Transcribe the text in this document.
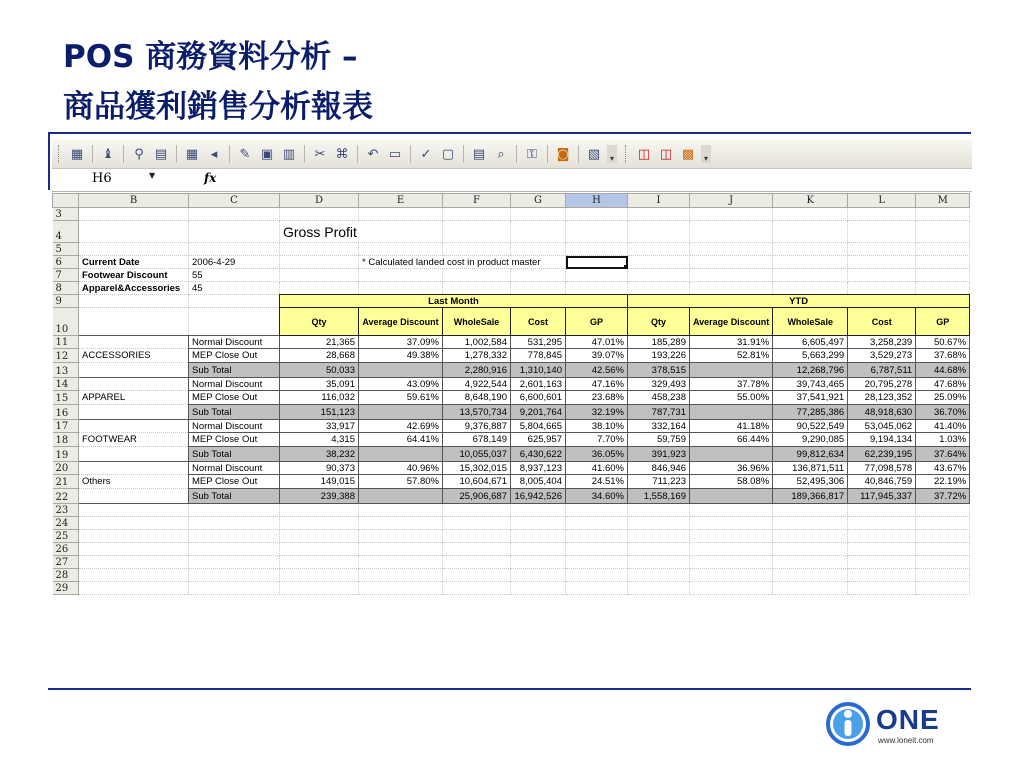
POS 商務資料分析 –
商品獲利銷售分析報表
▦	♝	⚲ ▤ ▦ ◂	✎ ▣ ▥	✂ ⌘	↶ ▭	✓ ▢ ▤ ⌕	⚿	◙ ▧	▾ ◫ ◫ ▩	▾
H6	▼	fx
	B	C	D	E	F	G	H	I	J	K	L	M
3												
4			Gross Profit									
5												
6	Current Date	2006-4-29		* Calculated landed cost in product master								
7	Footwear Discount	55										
8	Apparel&Accessories	45										
9			Last Month					YTD				
10			Qty	Average Discount	WholeSale	Cost	GP	Qty	Average Discount	WholeSale	Cost	GP
11		Normal Discount	21,365	37.09%	1,002,584	531,295	47.01%	185,289	31.91%	6,605,497	3,258,239	50.67%
12	ACCESSORIES	MEP Close Out	28,668	49.38%	1,278,332	778,845	39.07%	193,226	52.81%	5,663,299	3,529,273	37.68%
13		Sub Total	50,033		2,280,916	1,310,140	42.56%	378,515		12,268,796	6,787,511	44.68%
14		Normal Discount	35,091	43.09%	4,922,544	2,601,163	47.16%	329,493	37.78%	39,743,465	20,795,278	47.68%
15	APPAREL	MEP Close Out	116,032	59.61%	8,648,190	6,600,601	23.68%	458,238	55.00%	37,541,921	28,123,352	25.09%
16		Sub Total	151,123		13,570,734	9,201,764	32.19%	787,731		77,285,386	48,918,630	36.70%
17		Normal Discount	33,917	42.69%	9,376,887	5,804,665	38.10%	332,164	41.18%	90,522,549	53,045,062	41.40%
18	FOOTWEAR	MEP Close Out	4,315	64.41%	678,149	625,957	7.70%	59,759	66.44%	9,290,085	9,194,134	1.03%
19		Sub Total	38,232		10,055,037	6,430,622	36.05%	391,923		99,812,634	62,239,195	37.64%
20		Normal Discount	90,373	40.96%	15,302,015	8,937,123	41.60%	846,946	36.96%	136,871,511	77,098,578	43.67%
21	Others	MEP Close Out	149,015	57.80%	10,604,671	8,005,404	24.51%	711,223	58.08%	52,495,306	40,846,759	22.19%
22		Sub Total	239,388		25,906,687	16,942,526	34.60%	1,558,169		189,366,817	117,945,337	37.72%
23												
24												
25												
26												
27												
28												
29												
ONE
www.loneit.com
